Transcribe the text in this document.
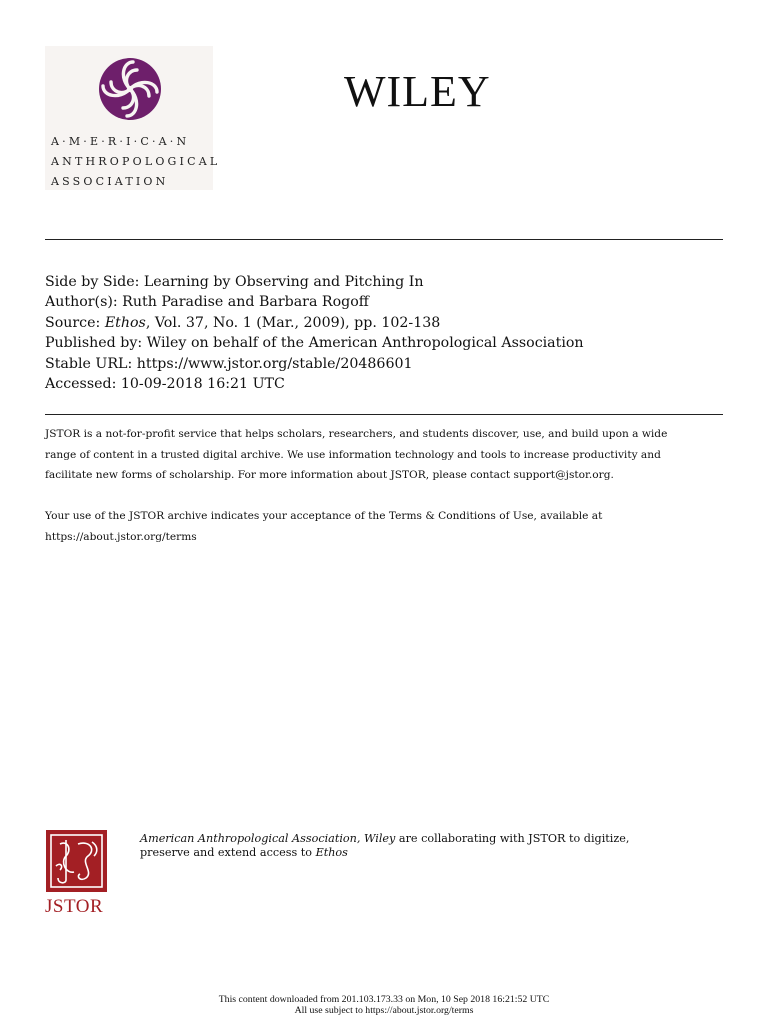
A·M·E·R·I·C·A·N
ANTHROPOLOGICAL
ASSOCIATION
WILEY
Side by Side: Learning by Observing and Pitching In
Author(s): Ruth Paradise and Barbara Rogoff
Source: Ethos, Vol. 37, No. 1 (Mar., 2009), pp. 102-138
Published by: Wiley on behalf of the American Anthropological Association
Stable URL: https://www.jstor.org/stable/20486601
Accessed: 10-09-2018 16:21 UTC
JSTOR is a not-for-profit service that helps scholars, researchers, and students discover, use, and build upon a wide
range of content in a trusted digital archive. We use information technology and tools to increase productivity and
facilitate new forms of scholarship. For more information about JSTOR, please contact support@jstor.org.
Your use of the JSTOR archive indicates your acceptance of the Terms & Conditions of Use, available at
https://about.jstor.org/terms
JSTOR
American Anthropological Association, Wiley are collaborating with JSTOR to digitize,
preserve and extend access to Ethos
This content downloaded from 201.103.173.33 on Mon, 10 Sep 2018 16:21:52 UTC
All use subject to https://about.jstor.org/terms
